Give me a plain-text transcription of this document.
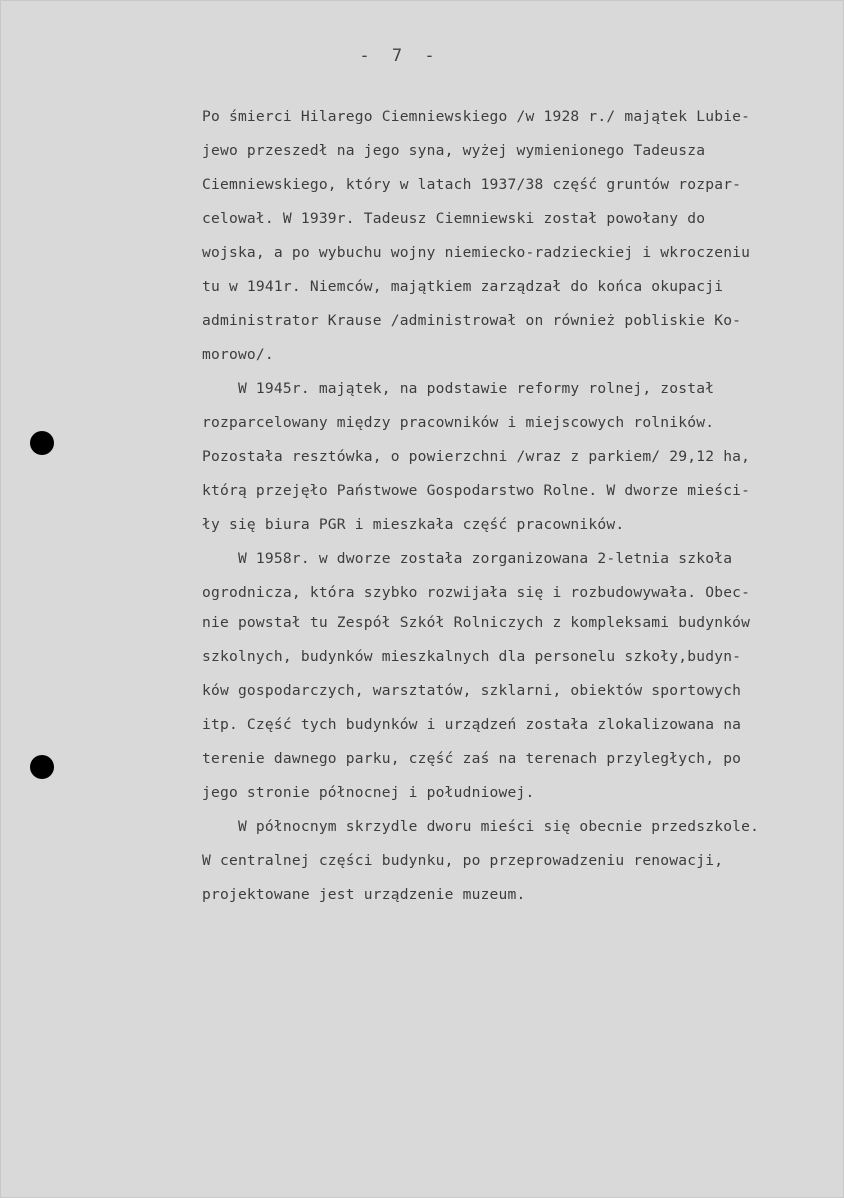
- 7 -
Po śmierci Hilarego Ciemniewskiego /w 1928 r./ majątek Lubie-
jewo przeszedł na jego syna, wyżej wymienionego Tadeusza
Ciemniewskiego, który w latach 1937/38 część gruntów rozpar-
celował. W 1939r. Tadeusz Ciemniewski został powołany do
wojska, a po wybuchu wojny niemiecko-radzieckiej i wkroczeniu
tu w 1941r. Niemców, majątkiem zarządzał do końca okupacji
administrator Krause /administrował on również pobliskie Ko-
morowo/.
W 1945r. majątek, na podstawie reformy rolnej, został
rozparcelowany między pracowników i miejscowych rolników.
Pozostała resztówka, o powierzchni /wraz z parkiem/ 29,12 ha,
którą przejęło Państwowe Gospodarstwo Rolne. W dworze mieści-
ły się biura PGR i mieszkała część pracowników.
W 1958r. w dworze została zorganizowana 2-letnia szkoła
ogrodnicza, która szybko rozwijała się i rozbudowywała. Obec-
nie powstał tu Zespół Szkół Rolniczych z kompleksami budynków
szkolnych, budynków mieszkalnych dla personelu szkoły,budyn-
ków gospodarczych, warsztatów, szklarni, obiektów sportowych
itp. Część tych budynków i urządzeń została zlokalizowana na
terenie dawnego parku, część zaś na terenach przyległych, po
jego stronie północnej i południowej.
W północnym skrzydle dworu mieści się obecnie przedszkole.
W centralnej części budynku, po przeprowadzeniu renowacji,
projektowane jest urządzenie muzeum.
